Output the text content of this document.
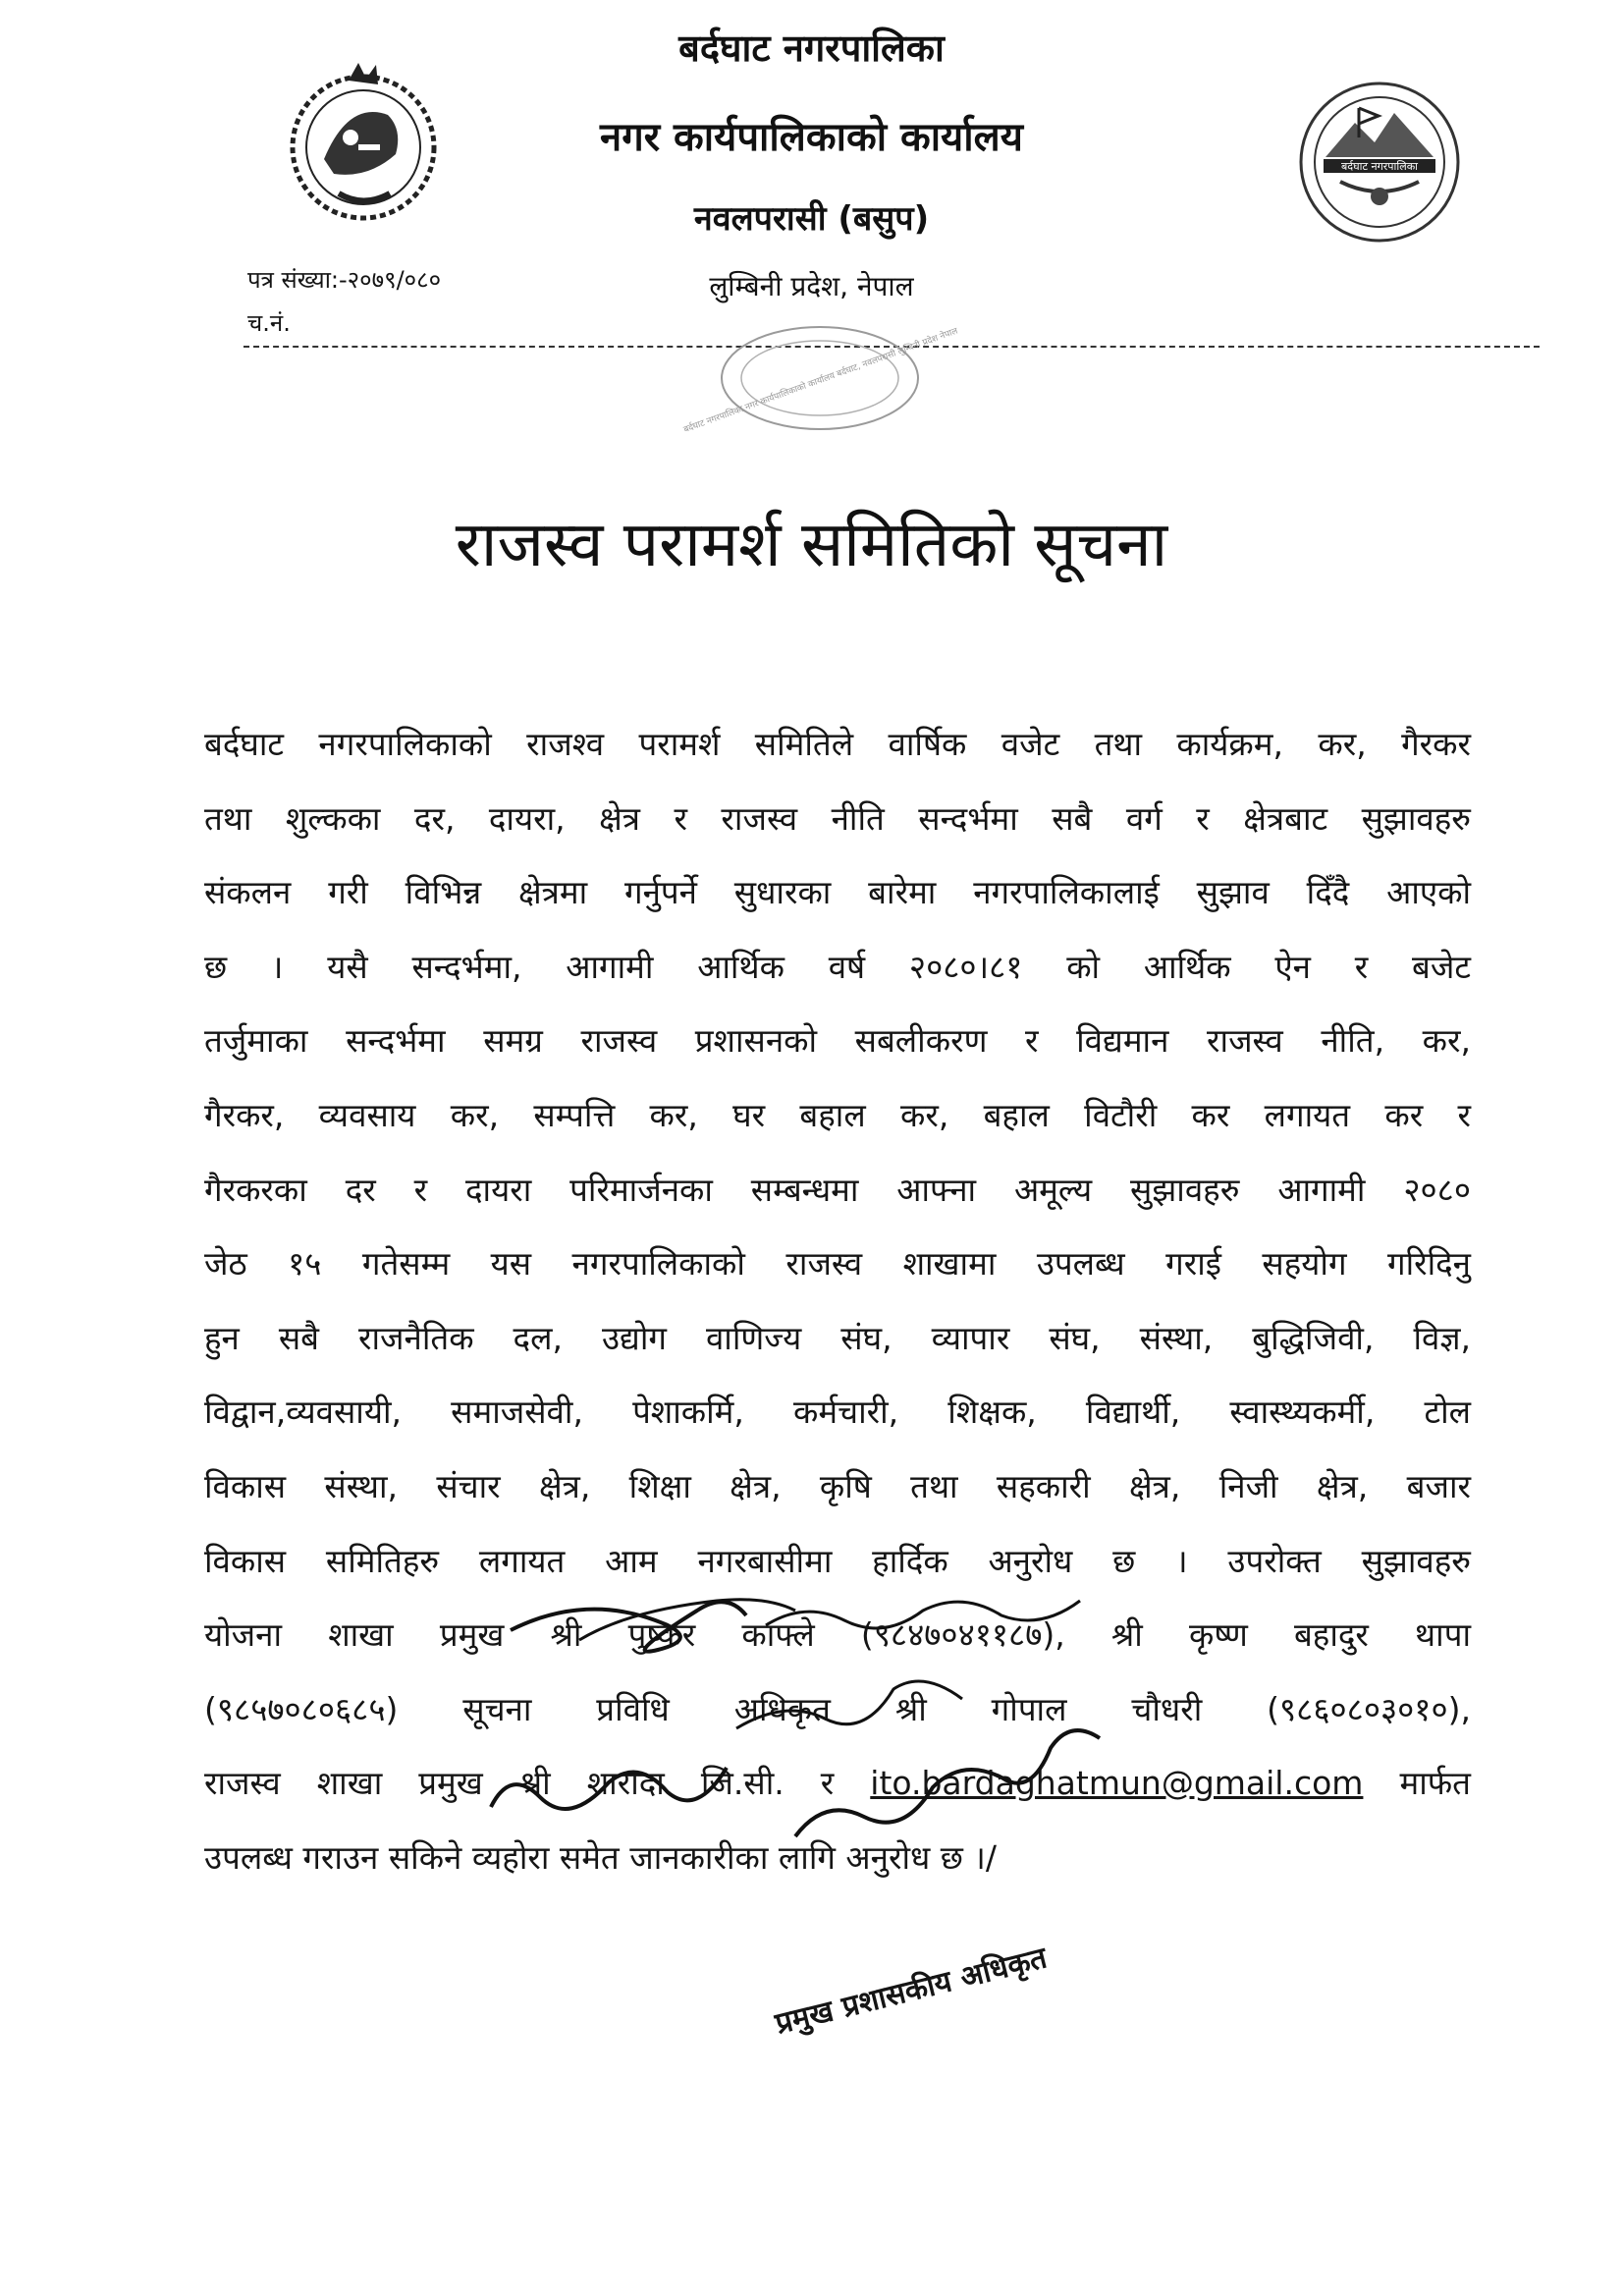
बर्दघाट नगरपालिका
बर्दघाट नगरपालिका
नगर कार्यपालिकाको कार्यालय
नवलपरासी (बसुप)
लुम्बिनी प्रदेश, नेपाल
पत्र संख्या:-२०७९/०८०
च.नं.
बर्दघाट नगरपालिका नगर कार्यपालिकाको कार्यालय बर्दघाट, नवलपरासी लुम्बिनी प्रदेश नेपाल
राजस्व परामर्श समितिको सूचना
बर्दघाट नगरपालिकाको राजश्व परामर्श समितिले वार्षिक वजेट तथा कार्यक्रम, कर, गैरकर
तथा शुल्कका दर, दायरा, क्षेत्र र राजस्व नीति सन्दर्भमा सबै वर्ग र क्षेत्रबाट सुझावहरु
संकलन गरी विभिन्न क्षेत्रमा गर्नुपर्ने सुधारका बारेमा नगरपालिकालाई सुझाव दिँदै आएको
छ । यसै सन्दर्भमा, आगामी आर्थिक वर्ष २०८०।८१ को आर्थिक ऐन र बजेट
तर्जुमाका सन्दर्भमा समग्र राजस्व प्रशासनको सबलीकरण र विद्यमान राजस्व नीति, कर,
गैरकर, व्यवसाय कर, सम्पत्ति कर, घर बहाल कर, बहाल विटौरी कर लगायत कर र
गैरकरका दर र दायरा परिमार्जनका सम्बन्धमा आफ्ना अमूल्य सुझावहरु आगामी २०८०
जेठ १५ गतेसम्म यस नगरपालिकाको राजस्व शाखामा उपलब्ध गराई सहयोग गरिदिनु
हुन सबै राजनैतिक दल, उद्योग वाणिज्य संघ, व्यापार संघ, संस्था, बुद्धिजिवी, विज्ञ,
विद्वान,व्यवसायी, समाजसेवी, पेशाकर्मि, कर्मचारी, शिक्षक, विद्यार्थी, स्वास्थ्यकर्मी, टोल
विकास संस्था, संचार क्षेत्र, शिक्षा क्षेत्र, कृषि तथा सहकारी क्षेत्र, निजी क्षेत्र, बजार
विकास समितिहरु लगायत आम नगरबासीमा हार्दिक अनुरोध छ । उपरोक्त सुझावहरु
योजना शाखा प्रमुख श्री पुष्कर काफ्ले (९८४७०४११८७), श्री कृष्ण बहादुर थापा
(९८५७०८०६८५) सूचना प्रविधि अधिकृत श्री गोपाल चौधरी (९८६०८०३०१०),
राजस्व शाखा प्रमुख श्री शारादा जि.सी. र ito.bardaghatmun@gmail.com मार्फत
उपलब्ध गराउन सकिने व्यहोरा समेत जानकारीका लागि अनुरोध छ ।/
प्रमुख प्रशासकीय अधिकृत
